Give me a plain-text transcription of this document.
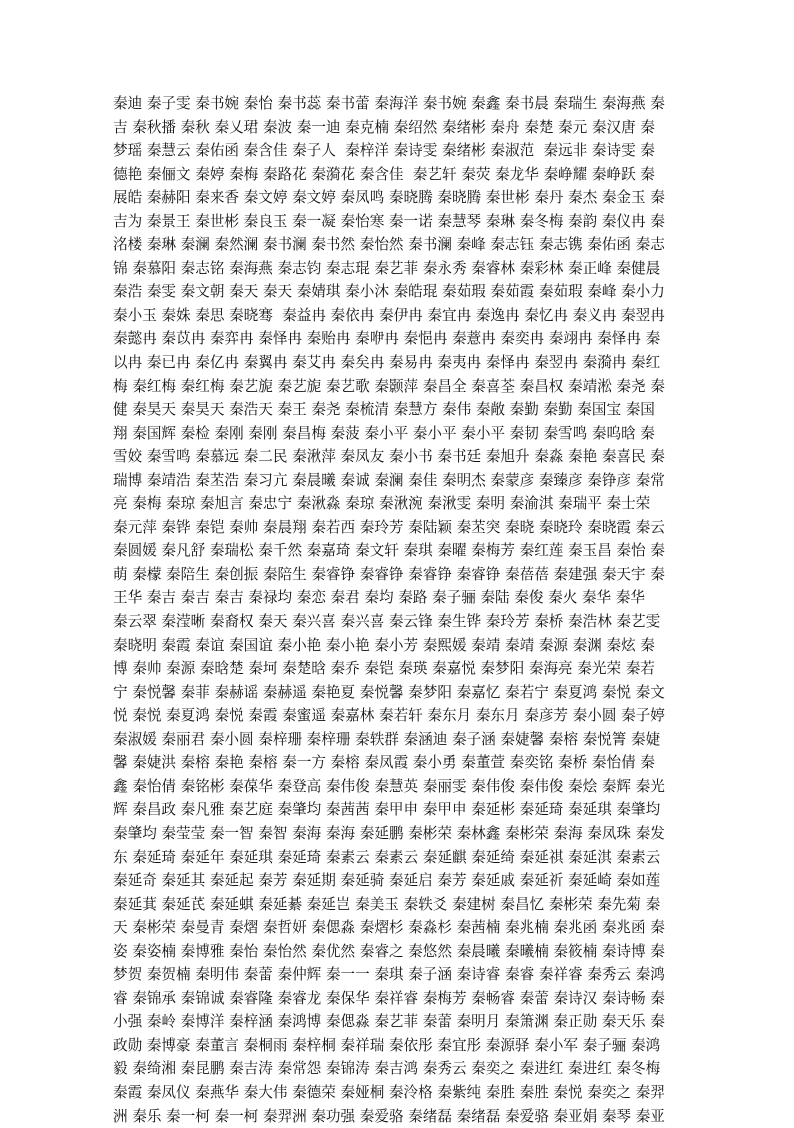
秦迪 秦子雯 秦书婉 秦怡 秦书蕊 秦书蕾 秦海洋 秦书婉 秦鑫 秦书晨 秦瑞生 秦海燕 秦
吉 秦秋播 秦秋 秦乂珺 秦波 秦一迪 秦克楠 秦绍然 秦绪彬 秦舟 秦楚 秦元 秦汉唐 秦
梦瑶 秦慧云 秦佑函 秦含佳 秦子人  秦梓洋 秦诗雯 秦绪彬 秦淑范  秦远非 秦诗雯 秦
德艳 秦俪文 秦婷 秦梅 秦路花 秦漪花 秦含佳  秦艺轩 秦荧 秦龙华 秦峥耀 秦峥跃 秦
展皓 秦赫阳 秦来香 秦文婷 秦文婷 秦凤鸣 秦晓腾 秦晓腾 秦世彬 秦丹 秦杰 秦金玉 秦
吉为 秦景王 秦世彬 秦良玉 秦一凝 秦怡寒 秦一诺 秦慧琴 秦琳 秦冬梅 秦韵 秦仪冉 秦
洺楼 秦琳 秦澜 秦然澜 秦书澜 秦书然 秦怡然 秦书澜 秦峰 秦志钰 秦志镌 秦佑函 秦志
锦 秦慕阳 秦志铭 秦海燕 秦志钧 秦志琨 秦艺菲 秦永秀 秦睿林 秦彩林 秦正峰 秦健晨
秦浩 秦雯 秦文朝 秦天 秦天 秦婧琪 秦小沐 秦皓琨 秦茹瑕 秦茹霞 秦茹瑕 秦峰 秦小力
秦小玉 秦姝 秦思 秦晓骞  秦益冉 秦依冉 秦伊冉 秦宜冉 秦逸冉 秦忆冉 秦义冉 秦翌冉
秦懿冉 秦苡冉 秦弈冉 秦怿冉 秦贻冉 秦咿冉 秦悒冉 秦薏冉 秦奕冉 秦翊冉 秦怿冉 秦
以冉 秦已冉 秦亿冉 秦翼冉 秦艾冉 秦矣冉 秦易冉 秦夷冉 秦怿冉 秦翌冉 秦漪冉 秦红
梅 秦红梅 秦红梅 秦艺旎 秦艺旎 秦艺歌 秦颢萍 秦昌全 秦喜荃 秦昌权 秦靖淞 秦尧 秦
健 秦昊天 秦昊天 秦浩天 秦王 秦尧 秦梳清 秦慧方 秦伟 秦敞 秦勤 秦勤 秦国宝 秦国
翔 秦国辉 秦检 秦刚 秦刚 秦昌梅 秦菠 秦小平 秦小平 秦小平 秦韧 秦雪鸣 秦呜晗 秦
雪姣 秦雪鸣 秦慕远 秦二民 秦湫萍 秦凤友 秦小书 秦书廷 秦旭升 秦淼 秦艳 秦喜民 秦
瑞博 秦靖浩 秦苤浩 秦习亢 秦晨曦 秦诚 秦澜 秦佳 秦明杰 秦蒙彦 秦臻彦 秦铮彦 秦常
亮 秦梅 秦琼 秦旭言 秦忠宁 秦湫淼 秦琼 秦湫涴 秦湫雯 秦明 秦渝淇 秦瑞平 秦士荣
秦元萍 秦铧 秦铠 秦帅 秦晨翔 秦若西 秦玲芳 秦陆颖 秦苤突 秦晓 秦晓玲 秦晓霞 秦云
秦圆媛 秦凡舒 秦瑞松 秦千然 秦嘉琦 秦文轩 秦琪 秦曜 秦梅芳 秦红莲 秦玉昌 秦怡 秦
萌 秦檬 秦陪生 秦创振 秦陪生 秦睿铮 秦睿铮 秦睿铮 秦睿铮 秦蓓蓓 秦建强 秦天宇 秦
王华 秦吉 秦吉 秦吉 秦禄均 秦恋 秦君 秦均 秦路 秦子骊 秦陆 秦俊 秦火 秦华 秦华
秦云翠 秦滢晰 秦裔权 秦天 秦兴喜 秦兴喜 秦云锋 秦生铧 秦玲芳 秦桥 秦浩林 秦艺雯
秦晓明 秦霞 秦谊 秦国谊 秦小艳 秦小艳 秦小芳 秦熙媛 秦靖 秦靖 秦源 秦渊 秦炫 秦
博 秦帅 秦源 秦晗楚 秦坷 秦楚晗 秦乔 秦铠 秦瑛 秦嘉悦 秦梦阳 秦海亮 秦光荣 秦若
宁 秦悦馨 秦菲 秦赫谣 秦赫遥 秦艳夏 秦悦馨 秦梦阳 秦嘉忆 秦若宁 秦夏鸿 秦悦 秦文
悦 秦悦 秦夏鸿 秦悦 秦霞 秦蜜遥 秦嘉林 秦若轩 秦东月 秦东月 秦彦芳 秦小圆 秦子婷
秦淑媛 秦丽君 秦小圆 秦梓珊 秦梓珊 秦轶群 秦涵迪 秦子涵 秦婕馨 秦榕 秦悦箐 秦婕
馨 秦婕洪 秦榕 秦艳 秦榕 秦一方 秦榕 秦凤霞 秦小勇 秦董萱 秦奕铭 秦桥 秦怡倩 秦
鑫 秦怡倩 秦铭彬 秦葆华 秦登高 秦伟俊 秦慧英 秦丽雯 秦伟俊 秦伟俊 秦烩 秦辉 秦光
辉 秦昌政 秦凡雅 秦艺庭 秦肇均 秦茜茜 秦甲申 秦甲申 秦延彬 秦延琦 秦延琪 秦肇均
秦肇均 秦莹莹 秦一智 秦智 秦海 秦海 秦延鹏 秦彬荣 秦林鑫 秦彬荣 秦海 秦凤珠 秦发
东 秦延琦 秦延年 秦延琪 秦延琦 秦素云 秦素云 秦延麒 秦延绮 秦延祺 秦延淇 秦素云
秦延奇 秦延其 秦延起 秦芳 秦延期 秦延骑 秦延启 秦芳 秦延戚 秦延祈 秦延崎 秦如莲
秦延萁 秦延芪 秦延蜞 秦延綦 秦延岂 秦美玉 秦轶爻 秦建树 秦昌忆 秦彬荣 秦先菊 秦
天 秦彬荣 秦曼青 秦熠 秦哲妍 秦偲淼 秦熠杉 秦淼杉 秦茜楠 秦兆楠 秦兆函 秦兆函 秦
姿 秦姿楠 秦博雅 秦怡 秦怡然 秦优然 秦睿之 秦悠然 秦晨曦 秦曦楠 秦筱楠 秦诗博 秦
梦贺 秦贺楠 秦明伟 秦蕾 秦仲辉 秦一一 秦琪 秦子涵 秦诗睿 秦睿 秦祥睿 秦秀云 秦鸿
睿 秦锦承 秦锦诚 秦睿隆 秦睿龙 秦保华 秦祥睿 秦梅芳 秦畅睿 秦蕾 秦诗汉 秦诗畅 秦
小强 秦岭 秦博洋 秦梓涵 秦鸿博 秦偲淼 秦艺菲 秦蕾 秦明月 秦箫渊 秦正勋 秦天乐 秦
政勋 秦博豪 秦董言 秦桐雨 秦梓桐 秦祥瑞 秦依彤 秦宜彤 秦源驿 秦小军 秦子骊 秦鸿
毅 秦绮湘 秦昆鹏 秦吉涛 秦常怨 秦锦涛 秦吉鸿 秦秀云 秦奕之 秦进红 秦进红 秦冬梅
秦霞 秦凤仪 秦燕华 秦大伟 秦德荣 秦娅桐 秦泠格 秦紫纯 秦胜 秦胜 秦悦 秦奕之 秦羿
洲 秦乐 秦一柯 秦一柯 秦羿洲 秦功强 秦爱骆 秦绪磊 秦绪磊 秦爱骆 秦亚娟 秦琴 秦亚
